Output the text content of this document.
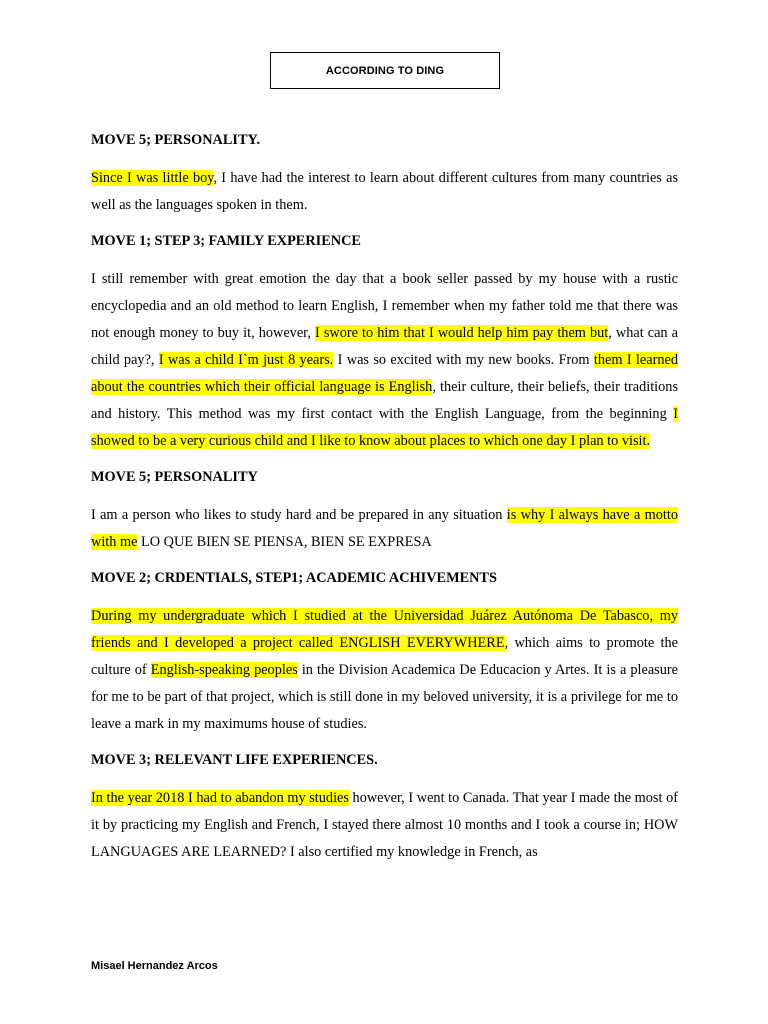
ACCORDING TO DING
MOVE 5; PERSONALITY.

Since I was little boy, I have had the interest to learn about different cultures from many countries as well as the languages spoken in them.

MOVE 1; STEP 3; FAMILY EXPERIENCE

I still remember with great emotion the day that a book seller passed by my house with a rustic encyclopedia and an old method to learn English, I remember when my father told me that there was not enough money to buy it, however, I swore to him that I would help him pay them but, what can a child pay?, I was a child I`m just 8 years. I was so excited with my new books. From them I learned about the countries which their official language is English, their culture, their beliefs, their traditions and history. This method was my first contact with the English Language, from the beginning I showed to be a very curious child and I like to know about places to which one day I plan to visit.

MOVE 5; PERSONALITY

I am a person who likes to study hard and be prepared in any situation is why I always have a motto with me LO QUE BIEN SE PIENSA, BIEN SE EXPRESA

MOVE 2; CRDENTIALS, STEP1; ACADEMIC ACHIVEMENTS

During my undergraduate which I studied at the Universidad Juárez Autónoma De Tabasco, my friends and I developed a project called ENGLISH EVERYWHERE, which aims to promote the culture of English-speaking peoples in the Division Academica De Educacion y Artes. It is a pleasure for me to be part of that project, which is still done in my beloved university, it is a privilege for me to leave a mark in my maximums house of studies.

MOVE 3; RELEVANT LIFE EXPERIENCES.

In the year 2018 I had to abandon my studies however, I went to Canada. That year I made the most of it by practicing my English and French, I stayed there almost 10 months and I took a course in; HOW LANGUAGES ARE LEARNED? I also certified my knowledge in French, as

Misael Hernandez Arcos
